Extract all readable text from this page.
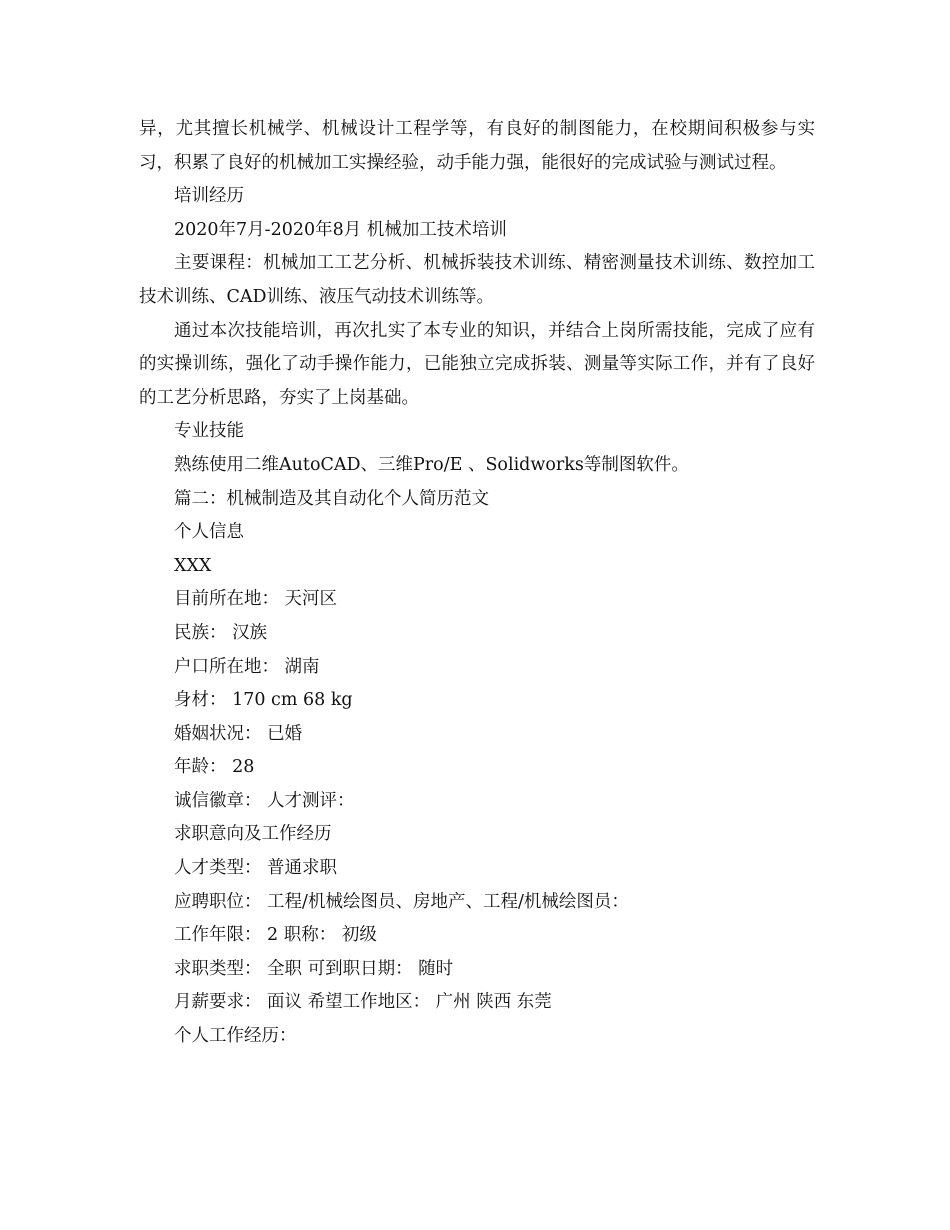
异，尤其擅长机械学、机械设计工程学等，有良好的制图能力，在校期间积极参与实习，积累了良好的机械加工实操经验，动手能力强，能很好的完成试验与测试过程。

培训经历

2020年7月-2020年8月 机械加工技术培训

主要课程：机械加工工艺分析、机械拆装技术训练、精密测量技术训练、数控加工技术训练、CAD训练、液压气动技术训练等。

通过本次技能培训，再次扎实了本专业的知识，并结合上岗所需技能，完成了应有的实操训练，强化了动手操作能力，已能独立完成拆装、测量等实际工作，并有了良好的工艺分析思路，夯实了上岗基础。

专业技能

熟练使用二维AutoCAD、三维Pro/E 、Solidworks等制图软件。

篇二：机械制造及其自动化个人简历范文

个人信息

XXX

目前所在地： 天河区

民族： 汉族

户口所在地： 湖南

身材： 170 cm 68 kg

婚姻状况： 已婚

年龄： 28

诚信徽章： 人才测评：

求职意向及工作经历

人才类型： 普通求职

应聘职位： 工程/机械绘图员、房地产、工程/机械绘图员：

工作年限： 2 职称： 初级

求职类型： 全职 可到职日期： 随时

月薪要求： 面议 希望工作地区： 广州 陕西 东莞

个人工作经历：
